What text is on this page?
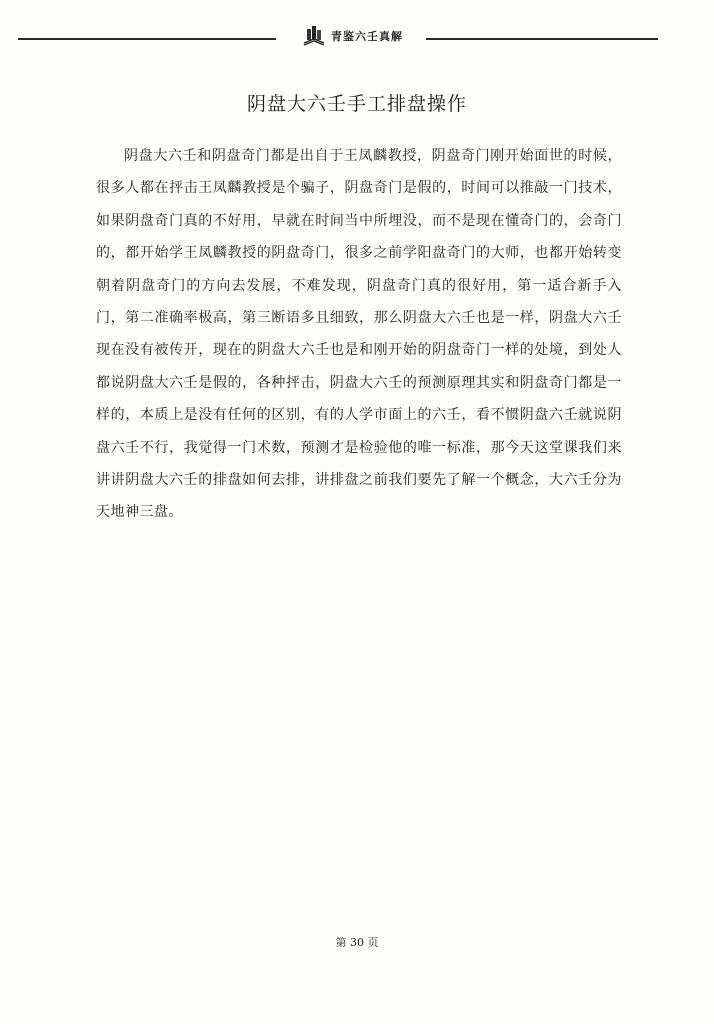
青鉴六壬真解
阴盘大六壬手工排盘操作

阴盘大六壬和阴盘奇门都是出自于王凤麟教授，阴盘奇门刚开始面世的时候，很多人都在抨击王凤麟教授是个骗子，阴盘奇门是假的，时间可以推敲一门技术，如果阴盘奇门真的不好用，早就在时间当中所埋没，而不是现在懂奇门的，会奇门的，都开始学王凤麟教授的阴盘奇门，很多之前学阳盘奇门的大师，也都开始转变朝着阴盘奇门的方向去发展，不难发现，阴盘奇门真的很好用，第一适合新手入门，第二准确率极高，第三断语多且细致，那么阴盘大六壬也是一样，阴盘大六壬现在没有被传开，现在的阴盘大六壬也是和刚开始的阴盘奇门一样的处境，到处人都说阴盘大六壬是假的，各种抨击，阴盘大六壬的预测原理其实和阴盘奇门都是一样的，本质上是没有任何的区别，有的人学市面上的六壬，看不惯阴盘六壬就说阴盘六壬不行，我觉得一门术数，预测才是检验他的唯一标准，那今天这堂课我们来讲讲阴盘大六壬的排盘如何去排，讲排盘之前我们要先了解一个概念，大六壬分为天地神三盘。

第 30 页
